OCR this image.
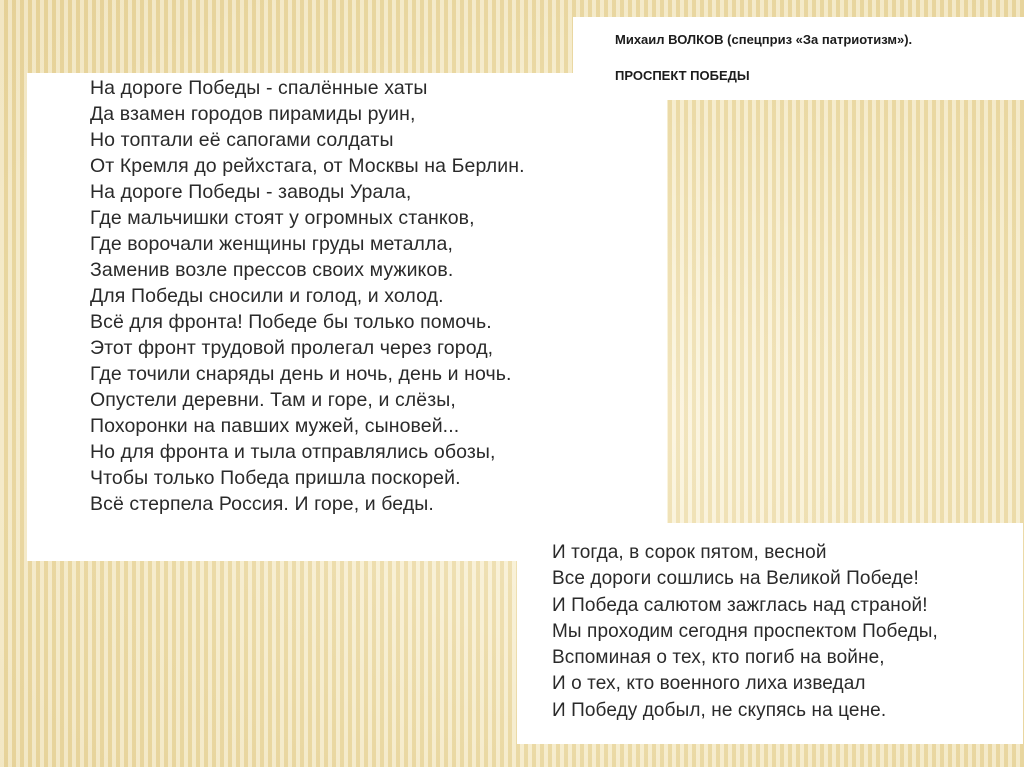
На дороге Победы - спалённые хаты
Да взамен городов пирамиды руин,
Но топтали её сапогами солдаты
От Кремля до рейхстага, от Москвы на Берлин.
На дороге Победы - заводы Урала,
Где мальчишки стоят у огромных станков,
Где ворочали женщины груды металла,
Заменив возле прессов своих мужиков.
Для Победы сносили и голод, и холод.
Всё для фронта! Победе бы только помочь.
Этот фронт трудовой пролегал через город,
Где точили снаряды день и ночь, день и ночь.
Опустели деревни. Там и горе, и слёзы,
Похоронки на павших мужей, сыновей...
Но для фронта и тыла отправлялись обозы,
Чтобы только Победа пришла поскорей.
Всё стерпела Россия. И горе, и беды.
Михаил ВОЛКОВ (спецприз «За патриотизм»).
ПРОСПЕКТ ПОБЕДЫ
И тогда, в сорок пятом, весной
Все дороги сошлись на Великой Победе!
И Победа салютом зажглась над страной!
Мы проходим сегодня проспектом Победы,
Вспоминая о тех, кто погиб на войне,
И о тех, кто военного лиха изведал
И Победу добыл, не скупясь на цене.
